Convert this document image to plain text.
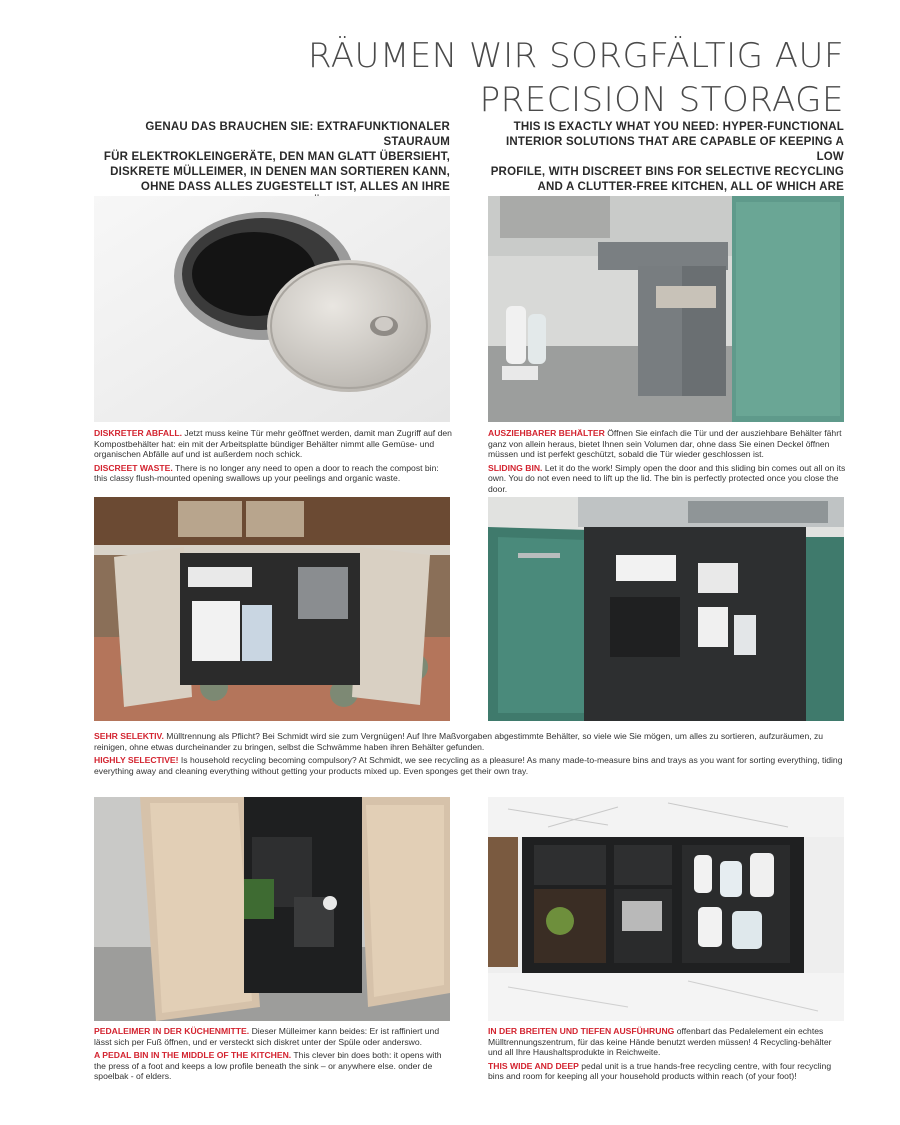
RÄUMEN WIR SORGFÄLTIG AUF
PRECISION STORAGE
GENAU DAS BRAUCHEN SIE: EXTRAFUNKTIONALER STAURAUM
FÜR ELEKTROKLEINGERÄTE, DEN MAN GLATT ÜBERSIEHT,
DISKRETE MÜLLEIMER, IN DENEN MAN SORTIEREN KANN,
OHNE DASS ALLES ZUGESTELLT IST, ALLES AN IHRE
THIS IS EXACTLY WHAT YOU NEED: HYPER-FUNCTIONAL
INTERIOR SOLUTIONS THAT ARE CAPABLE OF KEEPING A LOW
PROFILE, WITH DISCREET BINS FOR SELECTIVE RECYCLING
AND A CLUTTER-FREE KITCHEN, ALL OF WHICH ARE

DISKRETER ABFALL. Jetzt muss keine Tür mehr geöffnet werden, damit man Zugriff auf den Kompostbehälter hat: ein mit der Arbeitsplatte bündiger Behälter nimmt alle Gemüse- und organischen Abfälle auf und ist außerdem noch schick.

DISCREET WASTE. There is no longer any need to open a door to reach the compost bin: this classy flush-mounted opening swallows up your peelings and organic waste.

AUSZIEHBARER BEHÄLTER Öffnen Sie einfach die Tür und der ausziehbare Behälter fährt ganz von allein heraus, bietet Ihnen sein Volumen dar, ohne dass Sie einen Deckel öffnen müssen und ist perfekt geschützt, sobald die Tür wieder geschlossen ist.

SLIDING BIN. Let it do the work! Simply open the door and this sliding bin comes out all on its own. You do not even need to lift up the lid. The bin is perfectly protected once you close the door.

SEHR SELEKTIV. Mülltrennung als Pflicht? Bei Schmidt wird sie zum Vergnügen! Auf Ihre Maßvorgaben abgestimmte Behälter, so viele wie Sie mögen, um alles zu sortieren, aufzuräumen, zu reinigen, ohne etwas durcheinander zu bringen, selbst die Schwämme haben ihren Behälter gefunden.

HIGHLY SELECTIVE! Is household recycling becoming compulsory? At Schmidt, we see recycling as a pleasure! As many made-to-measure bins and trays as you want for sorting everything, tiding everything away and cleaning everything without getting your products mixed up. Even sponges get their own tray.

PEDALEIMER IN DER KÜCHENMITTE. Dieser Mülleimer kann beides: Er ist raffiniert und lässt sich per Fuß öffnen, und er versteckt sich diskret unter der Spüle oder anderswo.

A PEDAL BIN IN THE MIDDLE OF THE KITCHEN. This clever bin does both: it opens with the press of a foot and keeps a low profile beneath the sink – or anywhere else. onder de spoelbak - of elders.

IN DER BREITEN UND TIEFEN AUSFÜHRUNG offenbart das Pedalelement ein echtes Mülltrennungszentrum, für das keine Hände benutzt werden müssen! 4 Recycling-behälter und all Ihre Haushaltsprodukte in Reichweite.

THIS WIDE AND DEEP pedal unit is a true hands-free recycling centre, with four recycling bins and room for keeping all your household products within reach (of your foot)!
